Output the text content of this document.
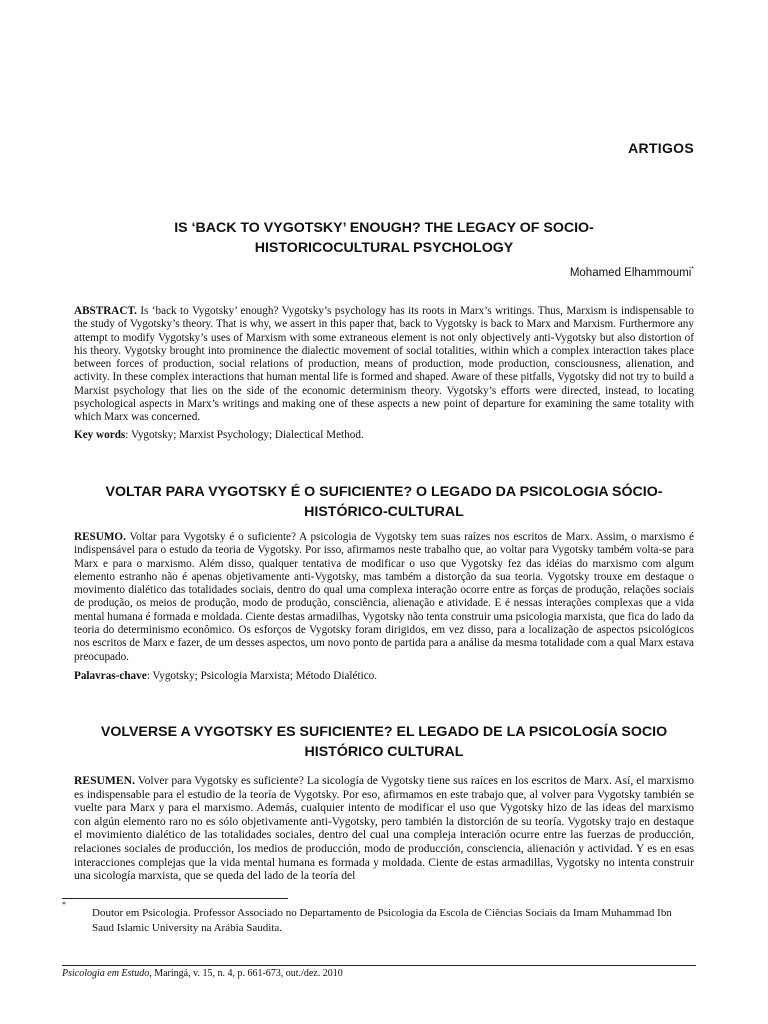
ARTIGOS
IS ‘BACK TO VYGOTSKY’ ENOUGH? THE LEGACY OF SOCIO-
HISTORICOCULTURAL PSYCHOLOGY
Mohamed Elhammoumi*
ABSTRACT. Is ‘back to Vygotsky’ enough? Vygotsky’s psychology has its roots in Marx’s writings. Thus, Marxism is indispensable to the study of Vygotsky’s theory. That is why, we assert in this paper that, back to Vygotsky is back to Marx and Marxism. Furthermore any attempt to modify Vygotsky’s uses of Marxism with some extraneous element is not only objectively anti-Vygotsky but also distortion of his theory. Vygotsky brought into prominence the dialectic movement of social totalities, within which a complex interaction takes place between forces of production, social relations of production, means of production, mode production, consciousness, alienation, and activity. In these complex interactions that human mental life is formed and shaped. Aware of these pitfalls, Vygotsky did not try to build a Marxist psychology that lies on the side of the economic determinism theory. Vygotsky’s efforts were directed, instead, to locating psychological aspects in Marx’s writings and making one of these aspects a new point of departure for examining the same totality with which Marx was concerned.
Key words: Vygotsky; Marxist Psychology; Dialectical Method.
VOLTAR PARA VYGOTSKY É O SUFICIENTE? O LEGADO DA PSICOLOGIA SÓCIO-
HISTÓRICO-CULTURAL
RESUMO. Voltar para Vygotsky é o suficiente? A psicologia de Vygotsky tem suas raízes nos escritos de Marx. Assim, o marxismo é indispensável para o estudo da teoria de Vygotsky. Por isso, afirmamos neste trabalho que, ao voltar para Vygotsky também volta-se para Marx e para o marxismo. Além disso, qualquer tentativa de modificar o uso que Vygotsky fez das idéias do marxismo com algum elemento estranho não é apenas objetivamente anti-Vygotsky, mas também a distorção da sua teoria. Vygotsky trouxe em destaque o movimento dialético das totalidades sociais, dentro do qual uma complexa interação ocorre entre as forças de produção, relações sociais de produção, os meios de produção, modo de produção, consciência, alienação e atividade. E é nessas interações complexas que a vida mental humana é formada e moldada. Ciente destas armadilhas, Vygotsky não tenta construir uma psicologia marxista, que fica do lado da teoria do determinismo econômico. Os esforços de Vygotsky foram dirigidos, em vez disso, para a localização de aspectos psicológicos nos escritos de Marx e fazer, de um desses aspectos, um novo ponto de partida para a análise da mesma totalidade com a qual Marx estava preocupado.
Palavras-chave: Vygotsky; Psicologia Marxista; Método Dialético.
VOLVERSE A VYGOTSKY ES SUFICIENTE? EL LEGADO DE LA PSICOLOGÍA SOCIO
HISTÓRICO CULTURAL
RESUMEN. Volver para Vygotsky es suficiente? La sicología de Vygotsky tiene sus raíces en los escritos de Marx. Así, el marxismo es indispensable para el estudio de la teoría de Vygotsky. Por eso, afirmamos en este trabajo que, al volver para Vygotsky también se vuelte para Marx y para el marxismo. Además, cualquier intento de modificar el uso que Vygotsky hizo de las ideas del marxismo con algún elemento raro no es sólo objetivamente anti-Vygotsky, pero también la distorción de su teoría. Vygotsky trajo en destaque el movimiento dialético de las totalidades sociales, dentro del cual una compleja interación ocurre entre las fuerzas de producción, relaciones sociales de producción, los medios de producción, modo de producción, consciencia, alienación y actividad. Y es en esas interacciones complejas que la vida mental humana es formada y moldada. Ciente de estas armadillas, Vygotsky no intenta construir una sicología marxista, que se queda del lado de la teoría del
*
Doutor em Psicologia. Professor Associado no Departamento de Psicologia da Escola de Ciências Sociais da Imam Muhammad Ibn Saud Islamic University na Arábia Saudita.
Psicologia em Estudo, Maringá, v. 15, n. 4, p. 661-673, out./dez. 2010
